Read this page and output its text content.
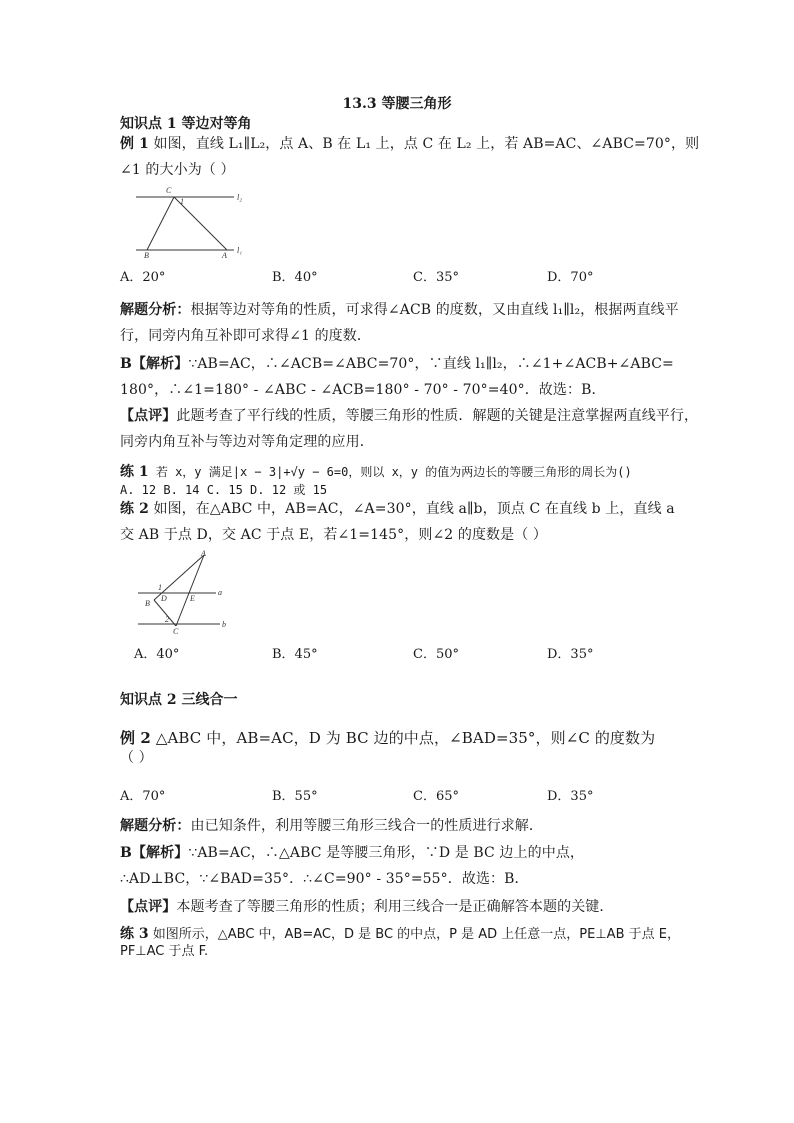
13.3 等腰三角形
知识点 1 等边对等角
例 1 如图，直线 L₁∥L₂，点 A、B 在 L₁ 上，点 C 在 L₂ 上，若 AB=AC、∠ABC=70°，则
∠1 的大小为（ ）
C
1	l₂
B	A
l₁
A．20°	B．40°	C．35°	D．70°
解题分析：根据等边对等角的性质，可求得∠ACB 的度数，又由直线 l₁∥l₂，根据两直线平
行，同旁内角互补即可求得∠1 的度数．
B【解析】∵AB=AC，∴∠ACB=∠ABC=70°，∵直线 l₁∥l₂，∴∠1+∠ACB+∠ABC=
180°，∴∠1=180° - ∠ABC - ∠ACB=180° - 70° - 70°=40°．故选：B．
【点评】此题考查了平行线的性质，等腰三角形的性质．解题的关键是注意掌握两直线平行，
同旁内角互补与等边对等角定理的应用．
练 1 若 x，y 满足|x − 3|+√y − 6=0，则以 x，y 的值为两边长的等腰三角形的周长为()
A. 12 B. 14 C. 15 D. 12 或 15
练 2 如图，在△ABC 中，AB=AC，∠A=30°，直线 a∥b，顶点 C 在直线 b 上，直线 a
交 AB 于点 D，交 AC 于点 E，若∠1=145°，则∠2 的度数是（ ）
A
1
D	E
a
B
2
C
b
A．40°	B．45°	C．50°	D．35°
知识点 2 三线合一
例 2 △ABC 中，AB=AC，D 为 BC 边的中点，∠BAD=35°，则∠C 的度数为
（ ）
A．70°	B．55°	C．65°	D．35°
解题分析：由已知条件，利用等腰三角形三线合一的性质进行求解．
B【解析】∵AB=AC，∴△ABC 是等腰三角形，∵D 是 BC 边上的中点，
∴AD⊥BC，∵∠BAD=35°．∴∠C=90° - 35°=55°．故选：B．
【点评】本题考查了等腰三角形的性质；利用三线合一是正确解答本题的关键．
练 3 如图所示，△ABC 中，AB=AC，D 是 BC 的中点，P 是 AD 上任意一点，PE⊥AB 于点 E，
PF⊥AC 于点 F.
